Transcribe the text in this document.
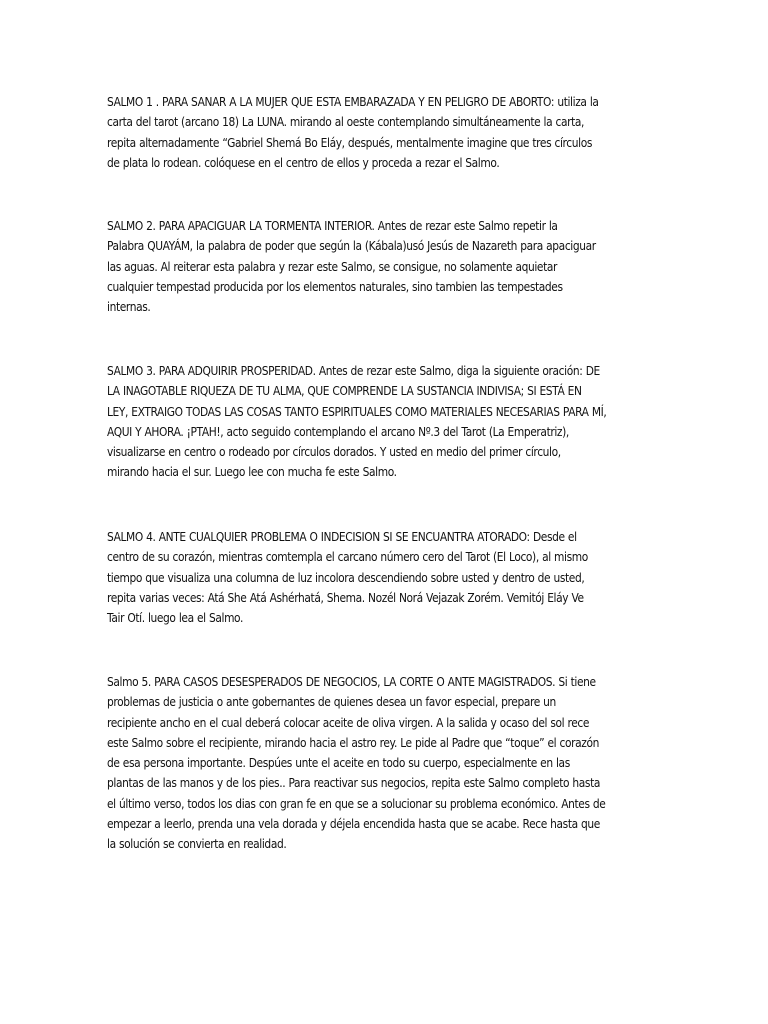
SALMO 1 . PARA SANAR A LA MUJER QUE ESTA EMBARAZADA Y EN PELIGRO DE ABORTO: utiliza la
carta del tarot (arcano 18) La LUNA. mirando al oeste contemplando simultáneamente la carta,
repita alternadamente “Gabriel Shemá Bo Eláy, después, mentalmente imagine que tres círculos
de plata lo rodean. colóquese en el centro de ellos y proceda a rezar el Salmo.

SALMO 2. PARA APACIGUAR LA TORMENTA INTERIOR. Antes de rezar este Salmo repetir la
Palabra QUAYÁM, la palabra de poder que según la (Kábala)usó Jesús de Nazareth para apaciguar
las aguas. Al reiterar esta palabra y rezar este Salmo, se consigue, no solamente aquietar
cualquier tempestad producida por los elementos naturales, sino tambien las tempestades
internas.

SALMO 3. PARA ADQUIRIR PROSPERIDAD. Antes de rezar este Salmo, diga la siguiente oración: DE
LA INAGOTABLE RIQUEZA DE TU ALMA, QUE COMPRENDE LA SUSTANCIA INDIVISA; SI ESTÁ EN
LEY, EXTRAIGO TODAS LAS COSAS TANTO ESPIRITUALES COMO MATERIALES NECESARIAS PARA MÍ,
AQUI Y AHORA. ¡PTAH!, acto seguido contemplando el arcano Nº.3 del Tarot (La Emperatriz),
visualizarse en centro o rodeado por círculos dorados. Y usted en medio del primer círculo,
mirando hacia el sur. Luego lee con mucha fe este Salmo.

SALMO 4. ANTE CUALQUIER PROBLEMA O INDECISION SI SE ENCUANTRA ATORADO: Desde el
centro de su corazón, mientras comtempla el carcano número cero del Tarot (El Loco), al mismo
tiempo que visualiza una columna de luz incolora descendiendo sobre usted y dentro de usted,
repita varias veces: Atá She Atá Ashérhatá, Shema. Nozél Norá Vejazak Zorém. Vemitój Eláy Ve
Tair Otí. luego lea el Salmo.

Salmo 5. PARA CASOS DESESPERADOS DE NEGOCIOS, LA CORTE O ANTE MAGISTRADOS. Si tiene
problemas de justicia o ante gobernantes de quienes desea un favor especial, prepare un
recipiente ancho en el cual deberá colocar aceite de oliva virgen. A la salida y ocaso del sol rece
este Salmo sobre el recipiente, mirando hacia el astro rey. Le pide al Padre que “toque” el corazón
de esa persona importante. Despúes unte el aceite en todo su cuerpo, especialmente en las
plantas de las manos y de los pies.. Para reactivar sus negocios, repita este Salmo completo hasta
el último verso, todos los dias con gran fe en que se a solucionar su problema económico. Antes de
empezar a leerlo, prenda una vela dorada y déjela encendida hasta que se acabe. Rece hasta que
la solución se convierta en realidad.
